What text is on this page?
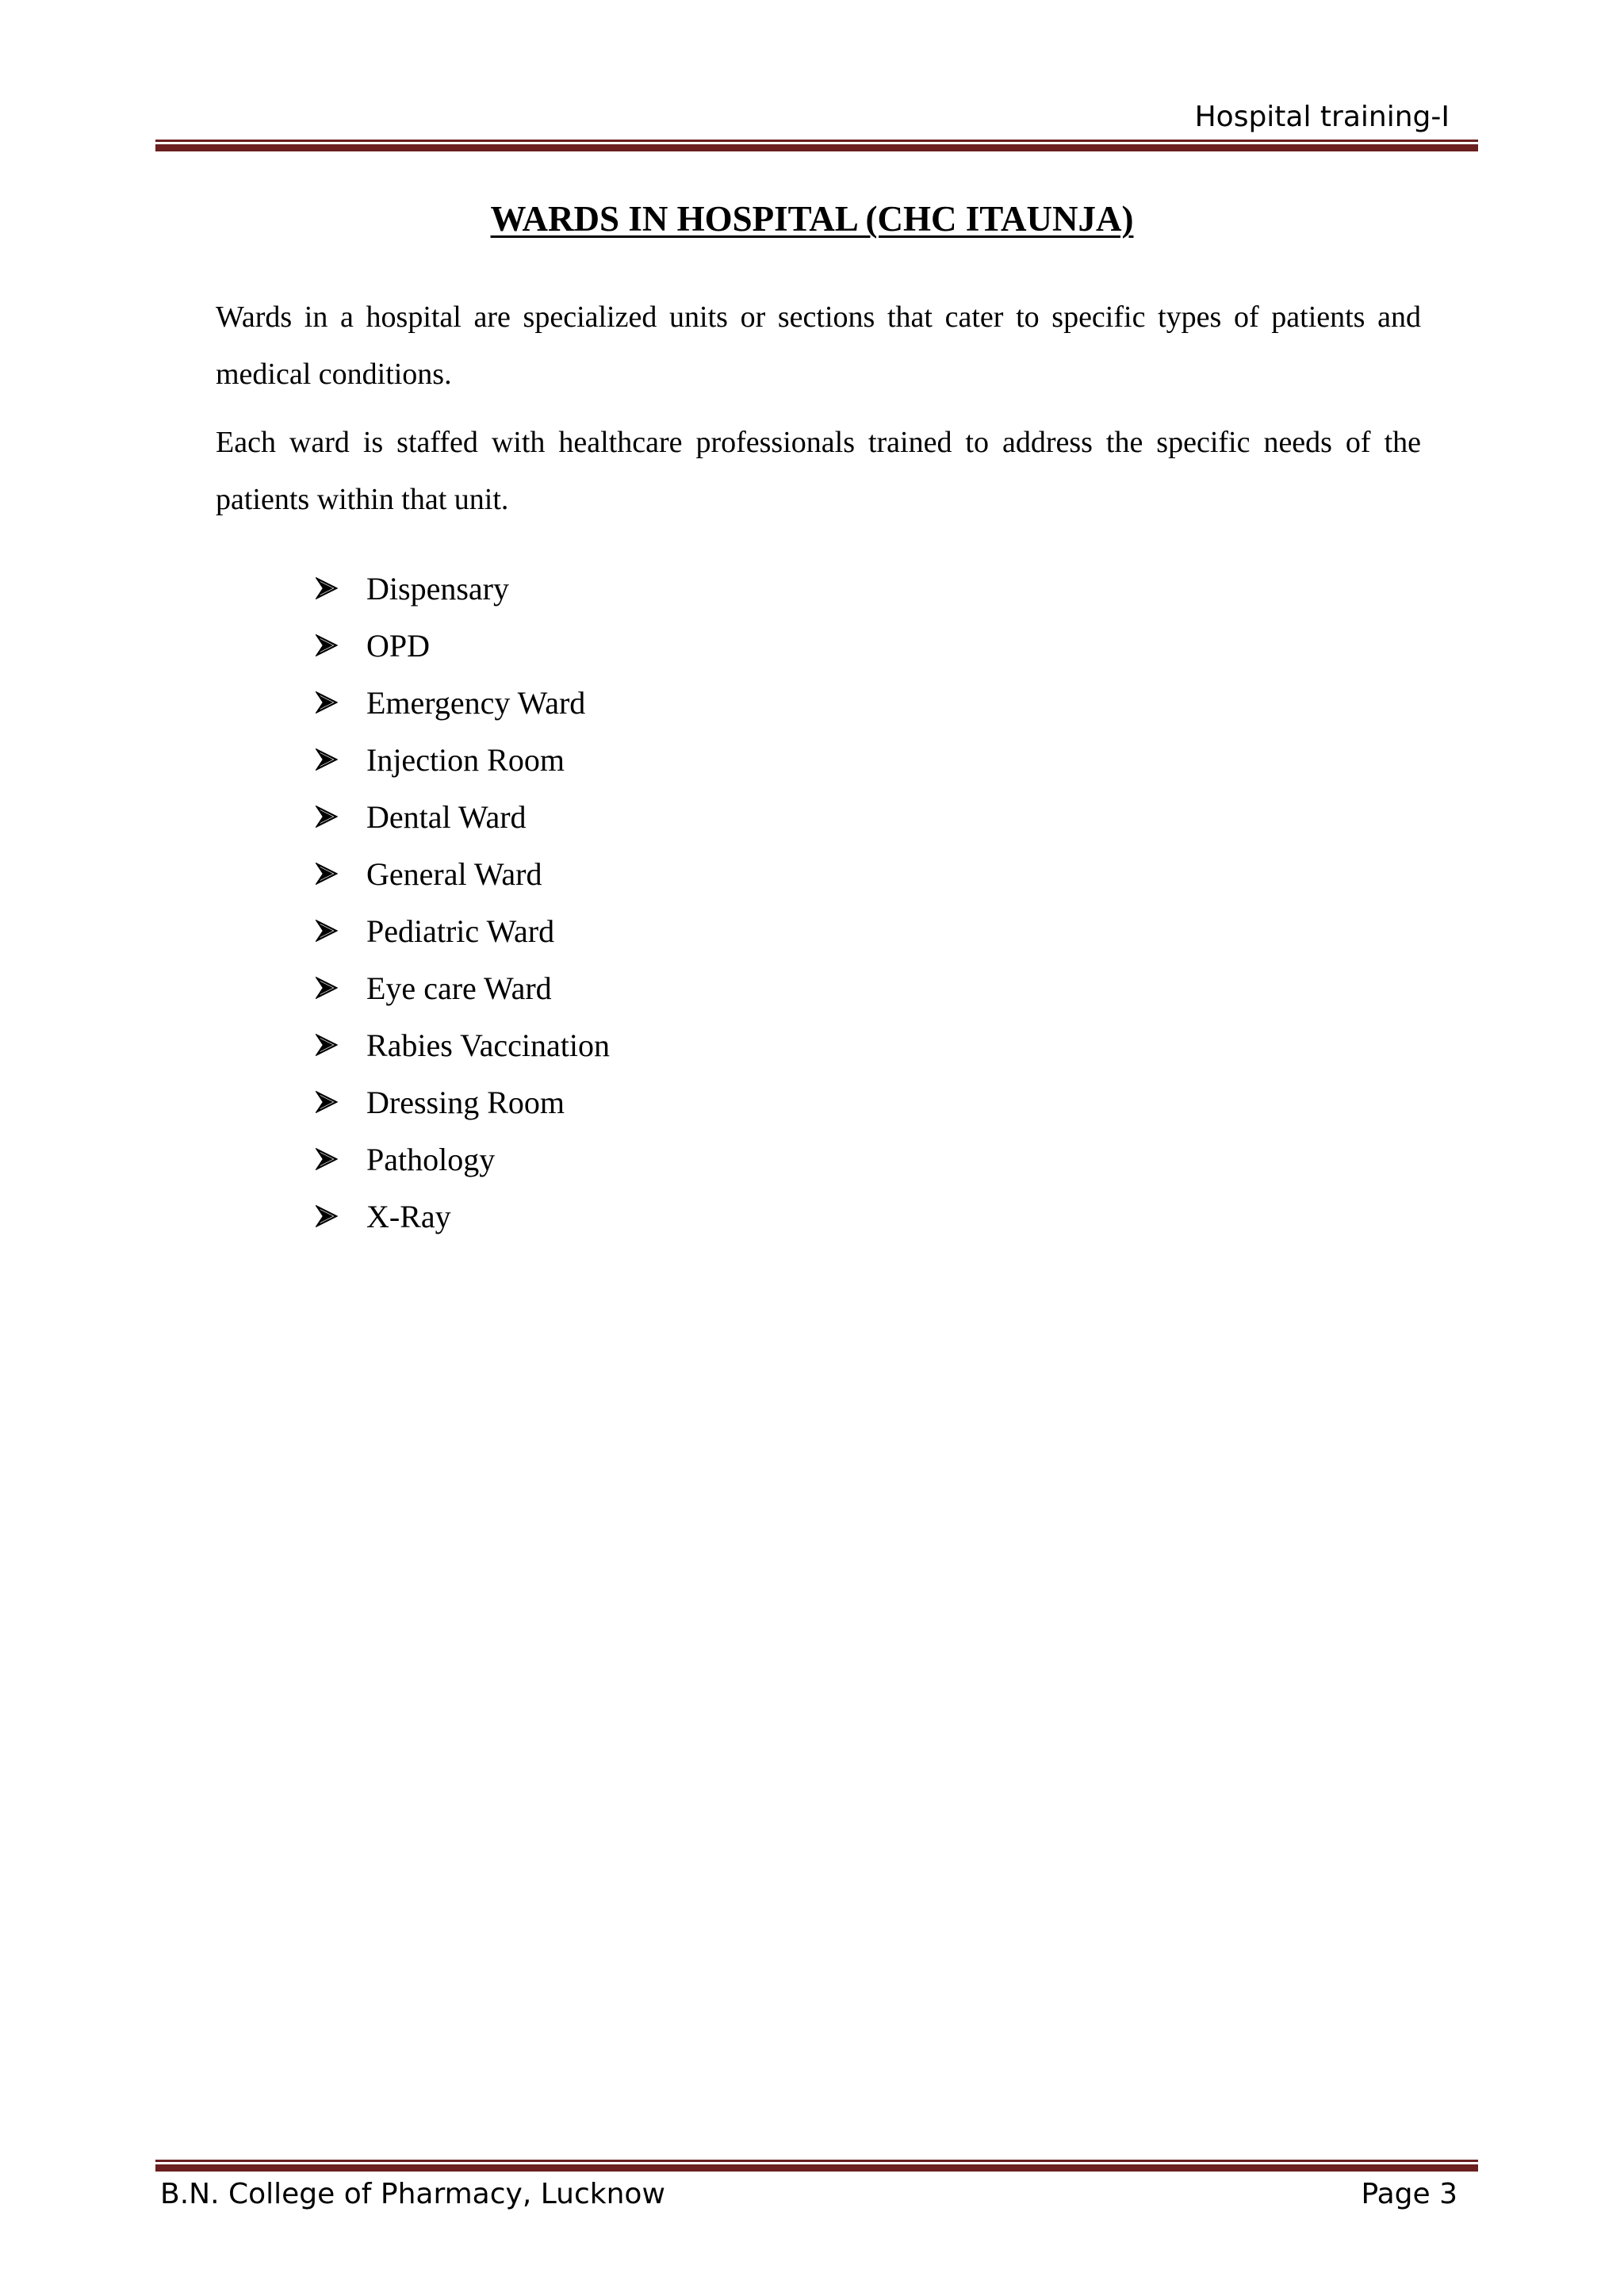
Hospital training-I
WARDS IN HOSPITAL (CHC ITAUNJA)

Wards in a hospital are specialized units or sections that cater to specific types of patients and medical conditions.

Each ward is staffed with healthcare professionals trained to address the specific needs of the patients within that unit.

Dispensary
OPD
Emergency Ward
Injection Room
Dental Ward
General Ward
Pediatric Ward
Eye care Ward
Rabies Vaccination
Dressing Room
Pathology
X-Ray
B.N. College of Pharmacy, Lucknow	Page 3
